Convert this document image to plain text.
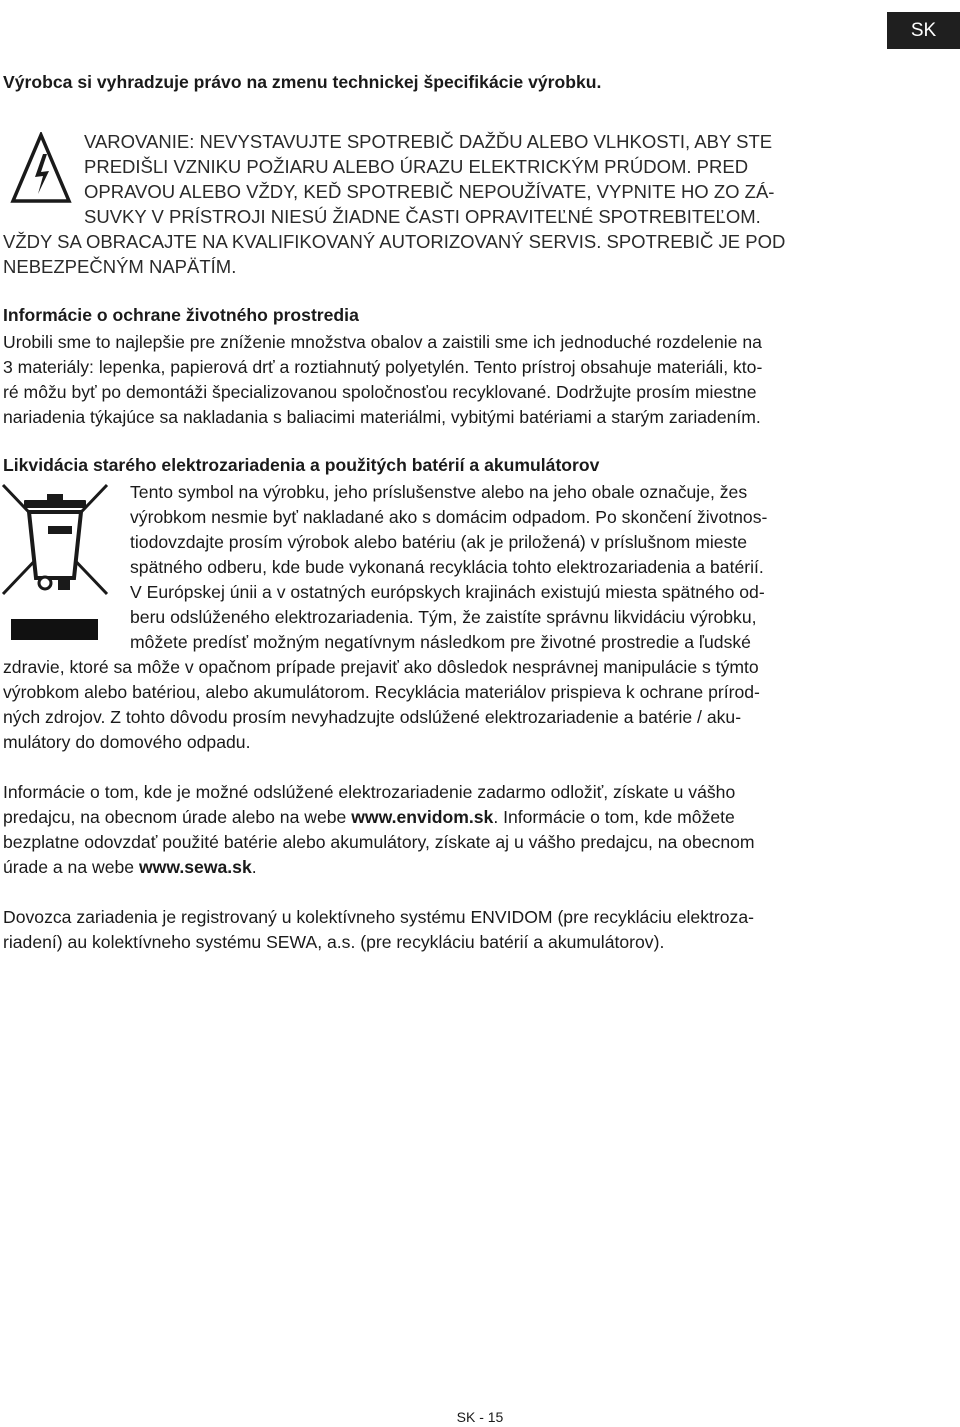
SK
Výrobca si vyhradzuje právo na zmenu technickej špecifikácie výrobku.
VAROVANIE: NEVYSTAVUJTE SPOTREBIČ DAŽĎU ALEBO VLHKOSTI, ABY STE
PREDIŠLI VZNIKU POŽIARU ALEBO ÚRAZU ELEKTRICKÝM PRÚDOM. PRED
OPRAVOU ALEBO VŽDY, KEĎ SPOTREBIČ NEPOUŽÍVATE, VYPNITE HO ZO ZÁ-
SUVKY V PRÍSTROJI NIESÚ ŽIADNE ČASTI OPRAVITEĽNÉ SPOTREBITEĽOM.
VŽDY SA OBRACAJTE NA KVALIFIKOVANÝ AUTORIZOVANÝ SERVIS. SPOTREBIČ JE POD
NEBEZPEČNÝM NAPÄTÍM.
Informácie o ochrane životného prostredia
Urobili sme to najlepšie pre zníženie množstva obalov a zaistili sme ich jednoduché rozdelenie na
3 materiály: lepenka, papierová drť a roztiahnutý polyetylén. Tento prístroj obsahuje materiáli, kto-
ré môžu byť po demontáži špecializovanou spoločnosťou recyklované. Dodržujte prosím miestne
nariadenia týkajúce sa nakladania s baliacimi materiálmi, vybitými batériami a starým zariadením.
Likvidácia starého elektrozariadenia a použitých batérií a akumulátorov
Tento symbol na výrobku, jeho príslušenstve alebo na jeho obale označuje, žes
výrobkom nesmie byť nakladané ako s domácim odpadom. Po skončení životnos-
tiodovzdajte prosím výrobok alebo batériu (ak je priložená) v príslušnom mieste
spätného odberu, kde bude vykonaná recyklácia tohto elektrozariadenia a batérií.
V Európskej únii a v ostatných európskych krajinách existujú miesta spätného od-
beru odslúženého elektrozariadenia. Tým, že zaistíte správnu likvidáciu výrobku,
môžete predísť možným negatívnym následkom pre životné prostredie a ľudské
zdravie, ktoré sa môže v opačnom prípade prejaviť ako dôsledok nesprávnej manipulácie s týmto
výrobkom alebo batériou, alebo akumulátorom. Recyklácia materiálov prispieva k ochrane prírod-
ných zdrojov. Z tohto dôvodu prosím nevyhadzujte odslúžené elektrozariadenie a batérie / aku-
mulátory do domového odpadu.
Informácie o tom, kde je možné odslúžené elektrozariadenie zadarmo odložiť, získate u vášho
predajcu, na obecnom úrade alebo na webe www.envidom.sk. Informácie o tom, kde môžete
bezplatne odovzdať použité batérie alebo akumulátory, získate aj u vášho predajcu, na obecnom
úrade a na webe www.sewa.sk.
Dovozca zariadenia je registrovaný u kolektívneho systému ENVIDOM (pre recykláciu elektroza-
riadení) au kolektívneho systému SEWA, a.s. (pre recykláciu batérií a akumulátorov).
SK - 15
